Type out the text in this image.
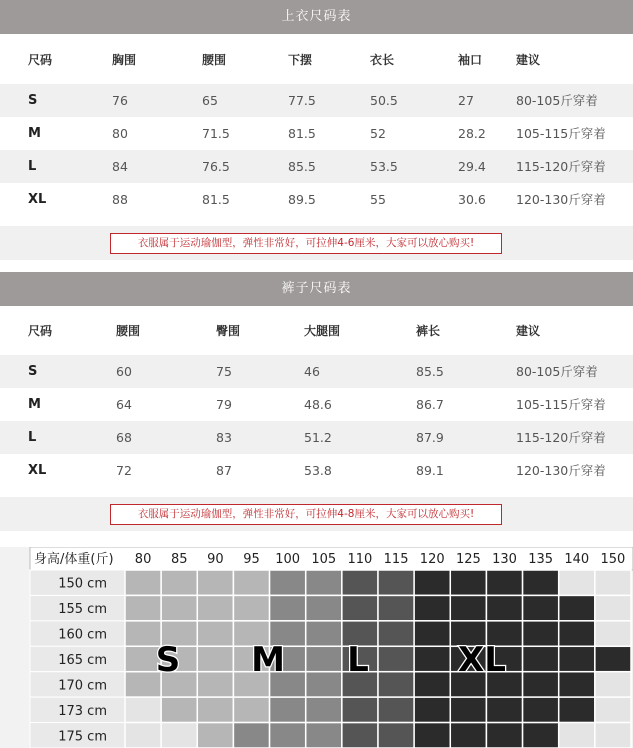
上衣尺码表
尺码	胸围	腰围	下摆	衣长	袖口	建议
S	76	65	77.5	50.5	27	80-105斤穿着
M	80	71.5	81.5	52	28.2 105-115斤穿着
L	84	76.5	85.5	53.5	29.4 115-120斤穿着
XL	88	81.5	89.5	55	30.6 120-130斤穿着
衣服属于运动瑜伽型，弹性非常好，可拉伸4-6厘米，大家可以放心购买!
裤子尺码表
尺码	腰围	臀围	大腿围	裤长	建议
S	60	75	46	85.5	80-105斤穿着
M	64	79	48.6	86.7	105-115斤穿着
L	68	83	51.2	87.9	115-120斤穿着
XL	72	87	53.8	89.1	120-130斤穿着
衣服属于运动瑜伽型，弹性非常好，可拉伸4-8厘米，大家可以放心购买!
身高/体重(斤) 80 85 90 95 100 105 110 115 120 125 130 135 140 150
150 cm
155 cm
160 cm
165 cm
170 cm
173 cm
175 cm
S M L	XL
